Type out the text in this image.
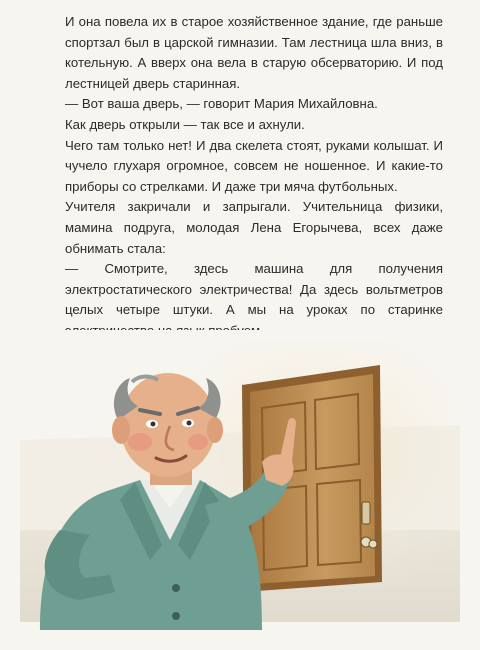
И она повела их в старое хозяйственное здание, где раньше спортзал был в царской гимназии. Там лестница шла вниз, в котельную. А вверх она вела в старую обсерваторию. И под лестницей дверь старинная.

— Вот ваша дверь, — говорит Мария Михайловна.

Как дверь открыли — так все и ахнули.

Чего там только нет! И два скелета стоят, руками колышат. И чучело глухаря огромное, совсем не ношенное. И какие-то приборы со стрелками. И даже три мяча футбольных.

Учителя закричали и запрыгали. Учительница физики, мамина подруга, молодая Лена Егорычева, всех даже обнимать стала:

— Смотрите, здесь машина для получения электростатического электричества! Да здесь вольтметров целых четыре штуки. А мы на уроках по старинке
